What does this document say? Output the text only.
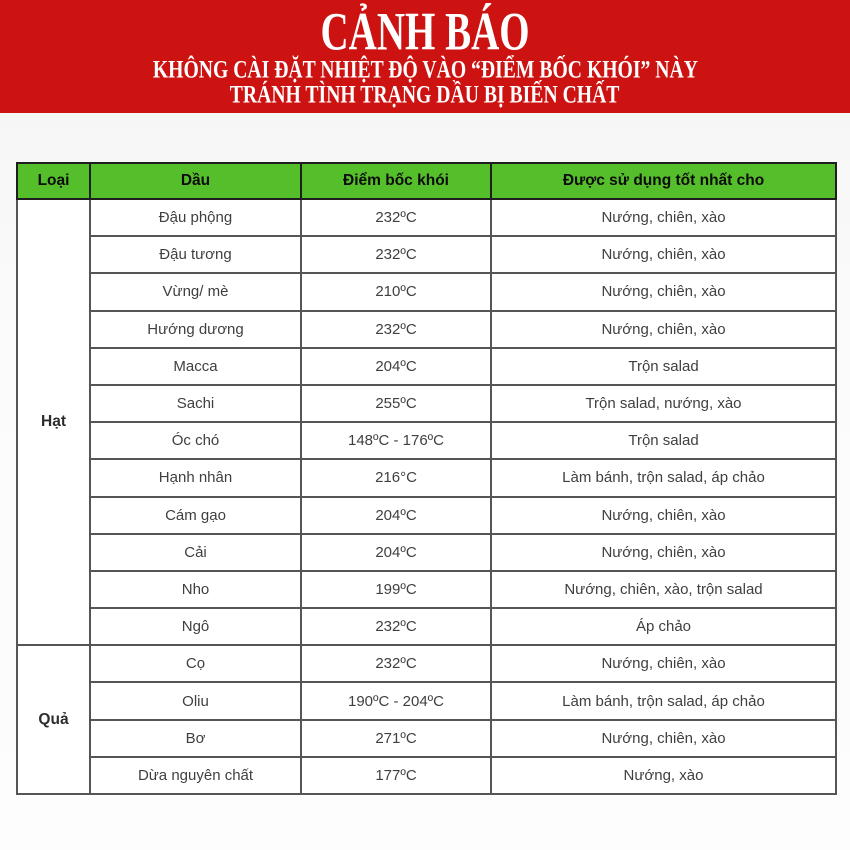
CẢNH BÁO
KHÔNG CÀI ĐẶT NHIỆT ĐỘ VÀO “ĐIỂM BỐC KHÓI” NÀY
TRÁNH TÌNH TRẠNG DẦU BỊ BIẾN CHẤT
Loại	Dầu	Điểm bốc khói	Được sử dụng tốt nhất cho
Hạt	Đậu phộng	232ºC	Nướng, chiên, xào
	Đậu tương	232ºC	Nướng, chiên, xào
	Vừng/ mè	210ºC	Nướng, chiên, xào
	Hướng dương	232ºC	Nướng, chiên, xào
	Macca	204ºC	Trộn salad
	Sachi	255ºC	Trộn salad, nướng, xào
	Óc chó	148ºC - 176ºC	Trộn salad
	Hạnh nhân	216°C	Làm bánh, trộn salad, áp chảo
	Cám gạo	204ºC	Nướng, chiên, xào
	Cải	204ºC	Nướng, chiên, xào
	Nho	199ºC	Nướng, chiên, xào, trộn salad
	Ngô	232ºC	Áp chảo
Quả	Cọ	232ºC	Nướng, chiên, xào
	Oliu	190ºC - 204ºC	Làm bánh, trộn salad, áp chảo
	Bơ	271ºC	Nướng, chiên, xào
	Dừa nguyên chất	177ºC	Nướng, xào
